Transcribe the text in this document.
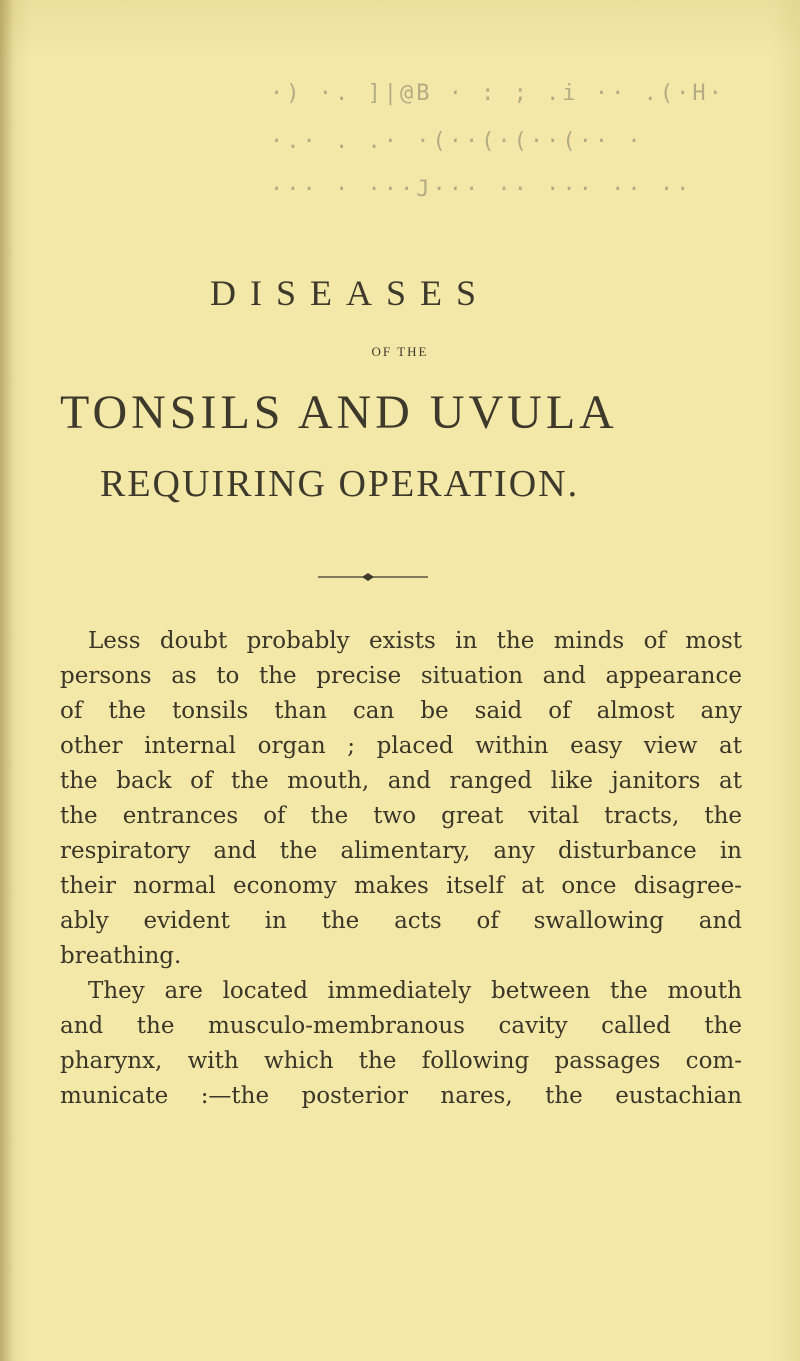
·) ·. ]|@B · : ; .i ·· .(·H·
·.· . .· ·(··(·(··(·· ·
··· · ···J··· ·· ··· ·· ··
DISEASES
OF THE
TONSILS AND UVULA
REQUIRING OPERATION.
Less doubt probably exists in the minds of most
persons as to the precise situation and appearance
of the tonsils than can be said of almost any
other internal organ ; placed within easy view at
the back of the mouth, and ranged like janitors at
the entrances of the two great vital tracts, the
respiratory and the alimentary, any disturbance in
their normal economy makes itself at once disagree-
ably evident in the acts of swallowing and
breathing.
They are located immediately between the mouth
and the musculo-membranous cavity called the
pharynx, with which the following passages com-
municate :—the posterior nares, the eustachian
